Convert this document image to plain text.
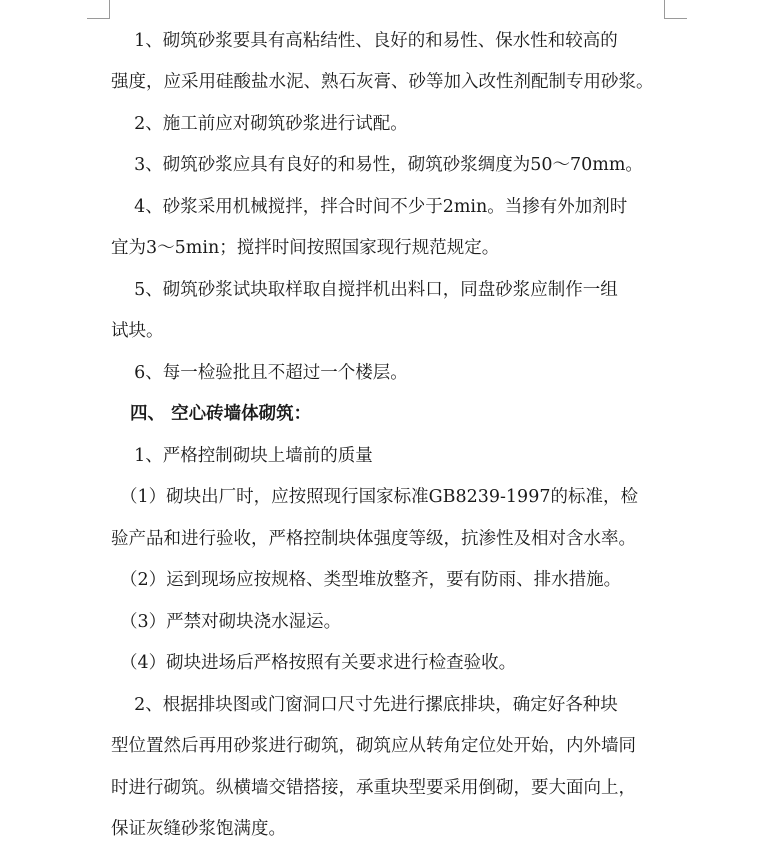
　 1、砌筑砂浆要具有高粘结性、良好的和易性、保水性和较高的
强度，应采用硅酸盐水泥、熟石灰膏、砂等加入改性剂配制专用砂浆。
　 2、施工前应对砌筑砂浆进行试配。
　 3、砌筑砂浆应具有良好的和易性，砌筑砂浆绸度为50～70mm。
　 4、砂浆采用机械搅拌，拌合时间不少于2min。当掺有外加剂时
宜为3～5min；搅拌时间按照国家现行规范规定。
　 5、砌筑砂浆试块取样取自搅拌机出料口，同盘砂浆应制作一组
试块。
　 6、每一检验批且不超过一个楼层。
四、 空心砖墙体砌筑：
　 1、严格控制砌块上墙前的质量
（1）砌块出厂时，应按照现行国家标准GB8239-1997的标准，检
验产品和进行验收，严格控制块体强度等级，抗渗性及相对含水率。
（2）运到现场应按规格、类型堆放整齐，要有防雨、排水措施。
（3）严禁对砌块浇水湿运。
（4）砌块进场后严格按照有关要求进行检查验收。
　 2、根据排块图或门窗洞口尺寸先进行摞底排块，确定好各种块
型位置然后再用砂浆进行砌筑，砌筑应从转角定位处开始，内外墙同
时进行砌筑。纵横墙交错搭接，承重块型要采用倒砌，要大面向上，
保证灰缝砂浆饱满度。
